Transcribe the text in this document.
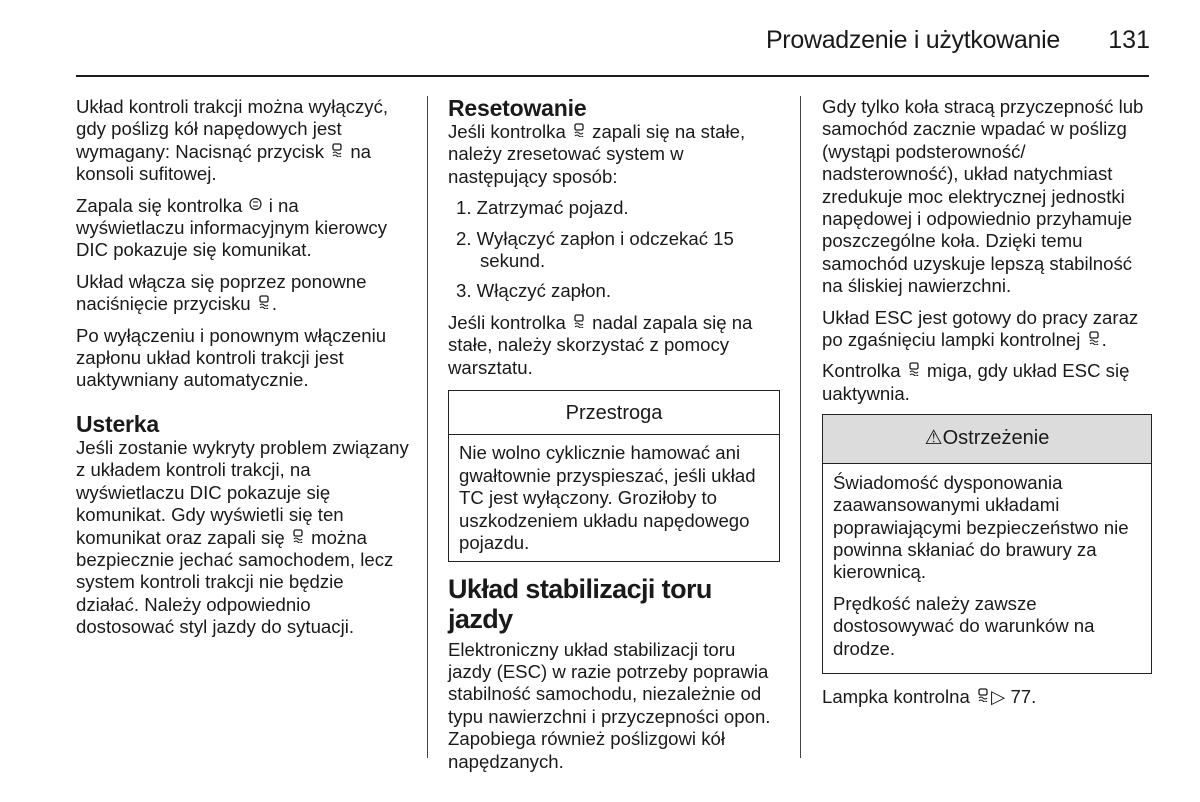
Prowadzenie i użytkowanie	131

Układ kontroli trakcji można wyłączyć, gdy poślizg kół napędowych jest wymagany: Nacisnąć przycisk  na konsoli sufitowej.

Zapala się kontrolka  i na wyświetlaczu informacyjnym kierowcy DIC pokazuje się komunikat.

Układ włącza się poprzez ponowne naciśnięcie przycisku .

Po wyłączeniu i ponownym włączeniu zapłonu układ kontroli trakcji jest uaktywniany automatycznie.

Usterka

Jeśli zostanie wykryty problem związany z układem kontroli trakcji, na wyświetlaczu DIC pokazuje się komunikat. Gdy wyświetli się ten komunikat oraz zapali się  można bezpiecznie jechać samochodem, lecz system kontroli trakcji nie będzie działać. Należy odpowiednio dostosować styl jazdy do sytuacji.

Resetowanie

Jeśli kontrolka  zapali się na stałe, należy zresetować system w następujący sposób:

1. Zatrzymać pojazd.
2. Wyłączyć zapłon i odczekać 15 sekund.
3. Włączyć zapłon.

Jeśli kontrolka  nadal zapala się na stałe, należy skorzystać z pomocy warsztatu.

Przestroga
Nie wolno cyklicznie hamować ani gwałtownie przyspieszać, jeśli układ TC jest wyłączony. Groziłoby to uszkodzeniem układu napędowego pojazdu.
Układ stabilizacji toru jazdy

Elektroniczny układ stabilizacji toru jazdy (ESC) w razie potrzeby poprawia stabilność samochodu, niezależnie od typu nawierzchni i przyczepności opon. Zapobiega również poślizgowi kół napędzanych.

Gdy tylko koła stracą przyczepność lub samochód zacznie wpadać w poślizg (wystąpi podsterowność/ nadsterowność), układ natychmiast zredukuje moc elektrycznej jednostki napędowej i odpowiednio przyhamuje poszczególne koła. Dzięki temu samochód uzyskuje lepszą stabilność na śliskiej nawierzchni.

Układ ESC jest gotowy do pracy zaraz po zgaśnięciu lampki kontrolnej .

Kontrolka  miga, gdy układ ESC się uaktywnia.

⚠Ostrzeżenie

Świadomość dysponowania zaawansowanymi układami poprawiającymi bezpieczeństwo nie powinna skłaniać do brawury za kierownicą.

Prędkość należy zawsze dostosowywać do warunków na drodze.

Lampka kontrolna ▷ 77.
